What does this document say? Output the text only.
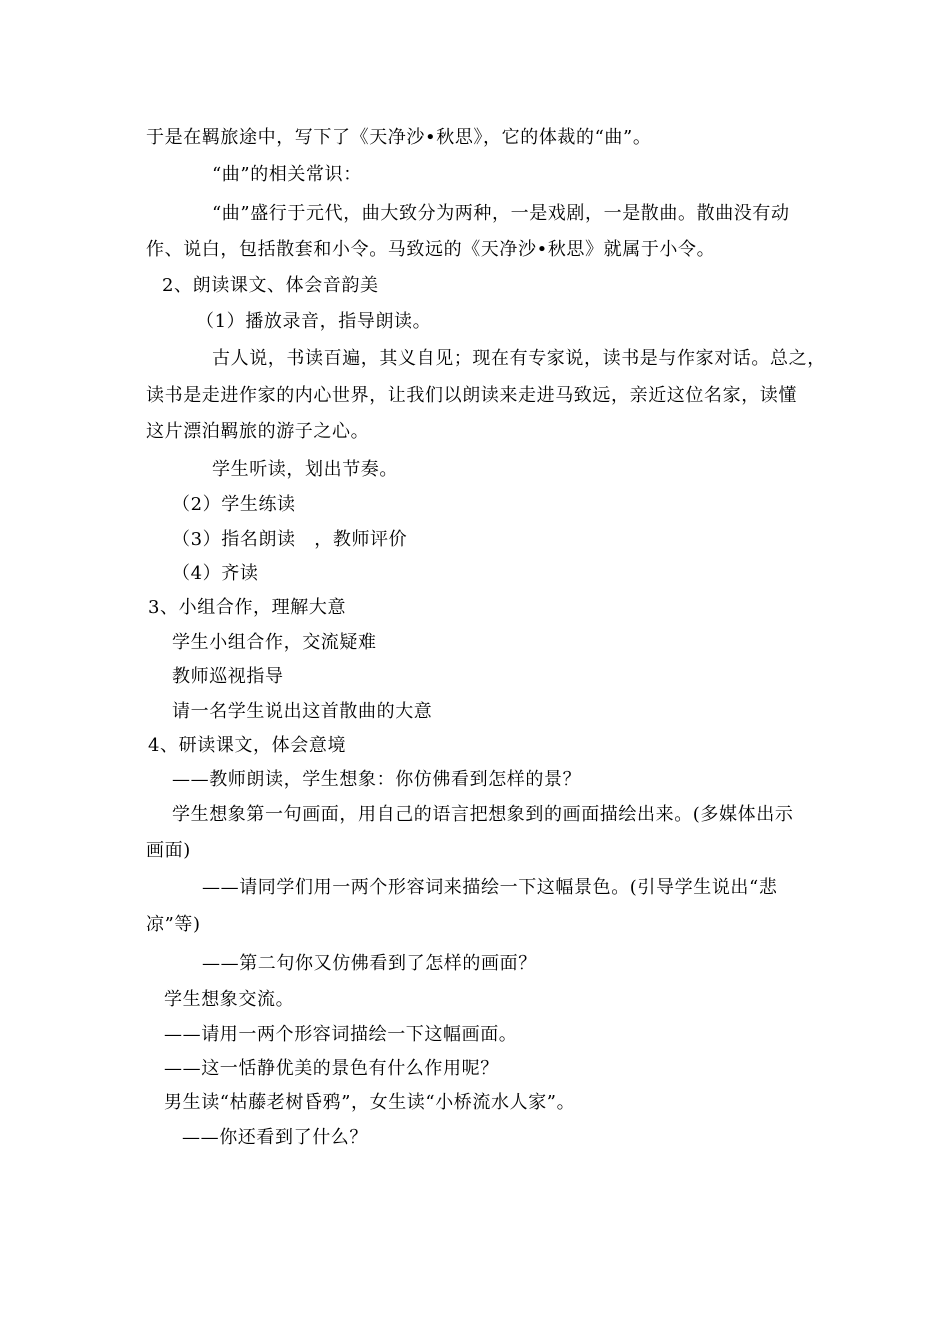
于是在羁旅途中，写下了《天净沙•秋思》，它的体裁的“曲”。
“曲”的相关常识：
“曲”盛行于元代，曲大致分为两种，一是戏剧，一是散曲。散曲没有动
作、说白，包括散套和小令。马致远的《天净沙•秋思》就属于小令。
2、朗读课文、体会音韵美
（1）播放录音，指导朗读。
古人说，书读百遍，其义自见；现在有专家说，读书是与作家对话。总之，
读书是走进作家的内心世界，让我们以朗读来走进马致远，亲近这位名家，读懂
这片漂泊羁旅的游子之心。
学生听读，划出节奏。
（2）学生练读
（3）指名朗读　，教师评价
（4）齐读
3、小组合作，理解大意
学生小组合作，交流疑难
教师巡视指导
请一名学生说出这首散曲的大意
4、研读课文，体会意境
——教师朗读，学生想象：你仿佛看到怎样的景？
学生想象第一句画面，用自己的语言把想象到的画面描绘出来。(多媒体出示
画面)
——请同学们用一两个形容词来描绘一下这幅景色。(引导学生说出“悲
凉”等)
——第二句你又仿佛看到了怎样的画面？
学生想象交流。
——请用一两个形容词描绘一下这幅画面。
——这一恬静优美的景色有什么作用呢？
男生读“枯藤老树昏鸦”，女生读“小桥流水人家”。
——你还看到了什么？
